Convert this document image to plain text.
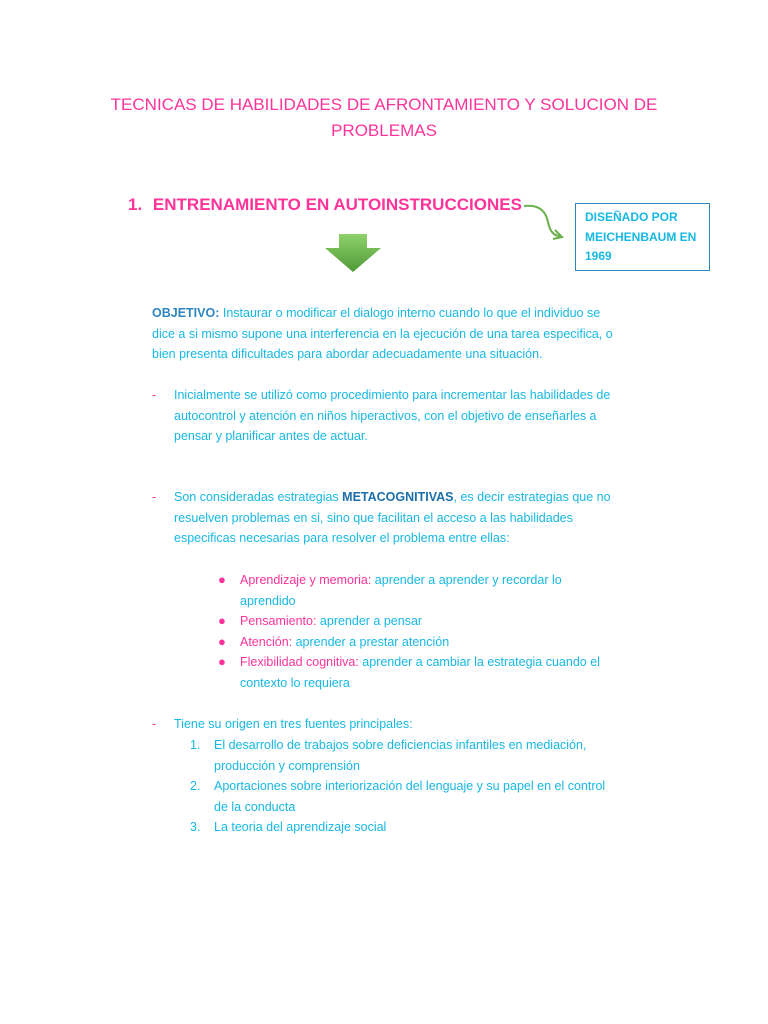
TECNICAS DE HABILIDADES DE AFRONTAMIENTO Y SOLUCION DE
PROBLEMAS
1. ENTRENAMIENTO EN AUTOINSTRUCCIONES
DISEÑADO POR
MEICHENBAUM EN
1969
OBJETIVO: Instaurar o modificar el dialogo interno cuando lo que el individuo se
dice a si mismo supone una interferencia en la ejecución de una tarea especifica, o
bien presenta dificultades para abordar adecuadamente una situación.
- Inicialmente se utilizó como procedimiento para incrementar las habilidades de
autocontrol y atención en niños hiperactivos, con el objetivo de enseñarles a
pensar y planificar antes de actuar.
- Son consideradas estrategias METACOGNITIVAS, es decir estrategias que no
resuelven problemas en si, sino que facilitan el acceso a las habilidades
especificas necesarias para resolver el problema entre ellas:
● Aprendizaje y memoria: aprender a aprender y recordar lo
aprendido
● Pensamiento: aprender a pensar
● Atención: aprender a prestar atención
● Flexibilidad cognitiva: aprender a cambiar la estrategia cuando el
contexto lo requiera
- Tiene su origen en tres fuentes principales:
1. El desarrollo de trabajos sobre deficiencias infantiles en mediación,
producción y comprensión
2. Aportaciones sobre interiorización del lenguaje y su papel en el control
de la conducta
3. La teoria del aprendizaje social
